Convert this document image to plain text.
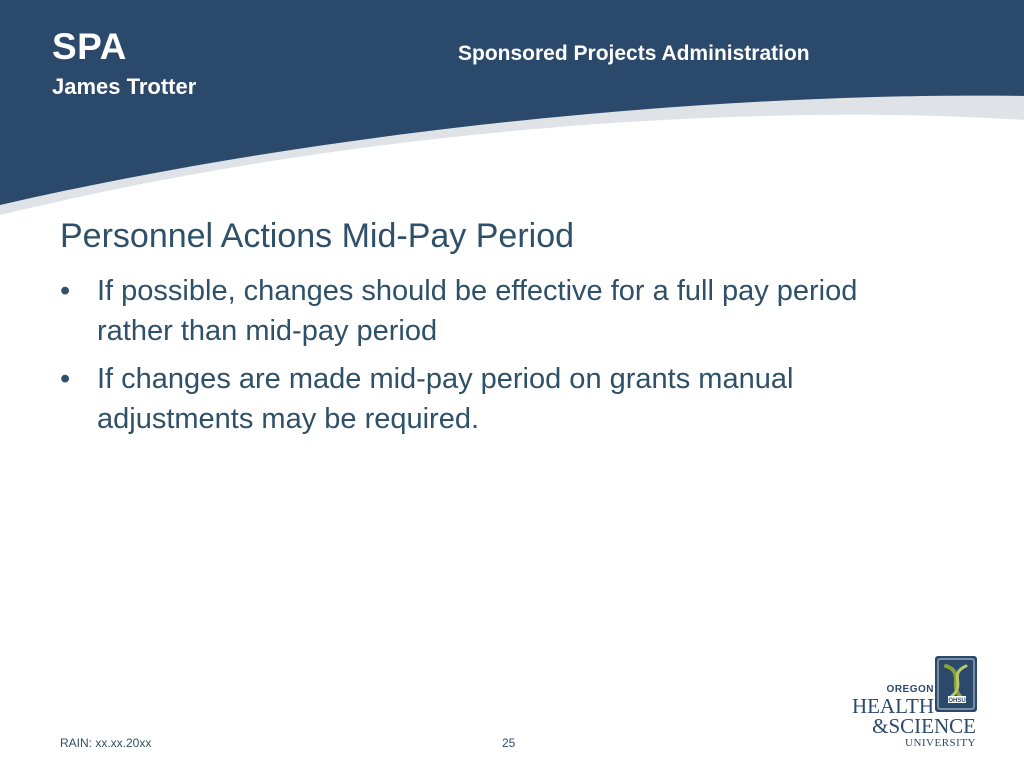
SPA
James Trotter
Sponsored Projects Administration
Personnel Actions Mid-Pay Period
• If possible, changes should be effective for a full pay period rather than mid-pay period
• If changes are made mid-pay period on grants manual adjustments may be required.
RAIN: xx.xx.20xx	25
OHSU
OREGON
HEALTH
&SCIENCE
UNIVERSITY
